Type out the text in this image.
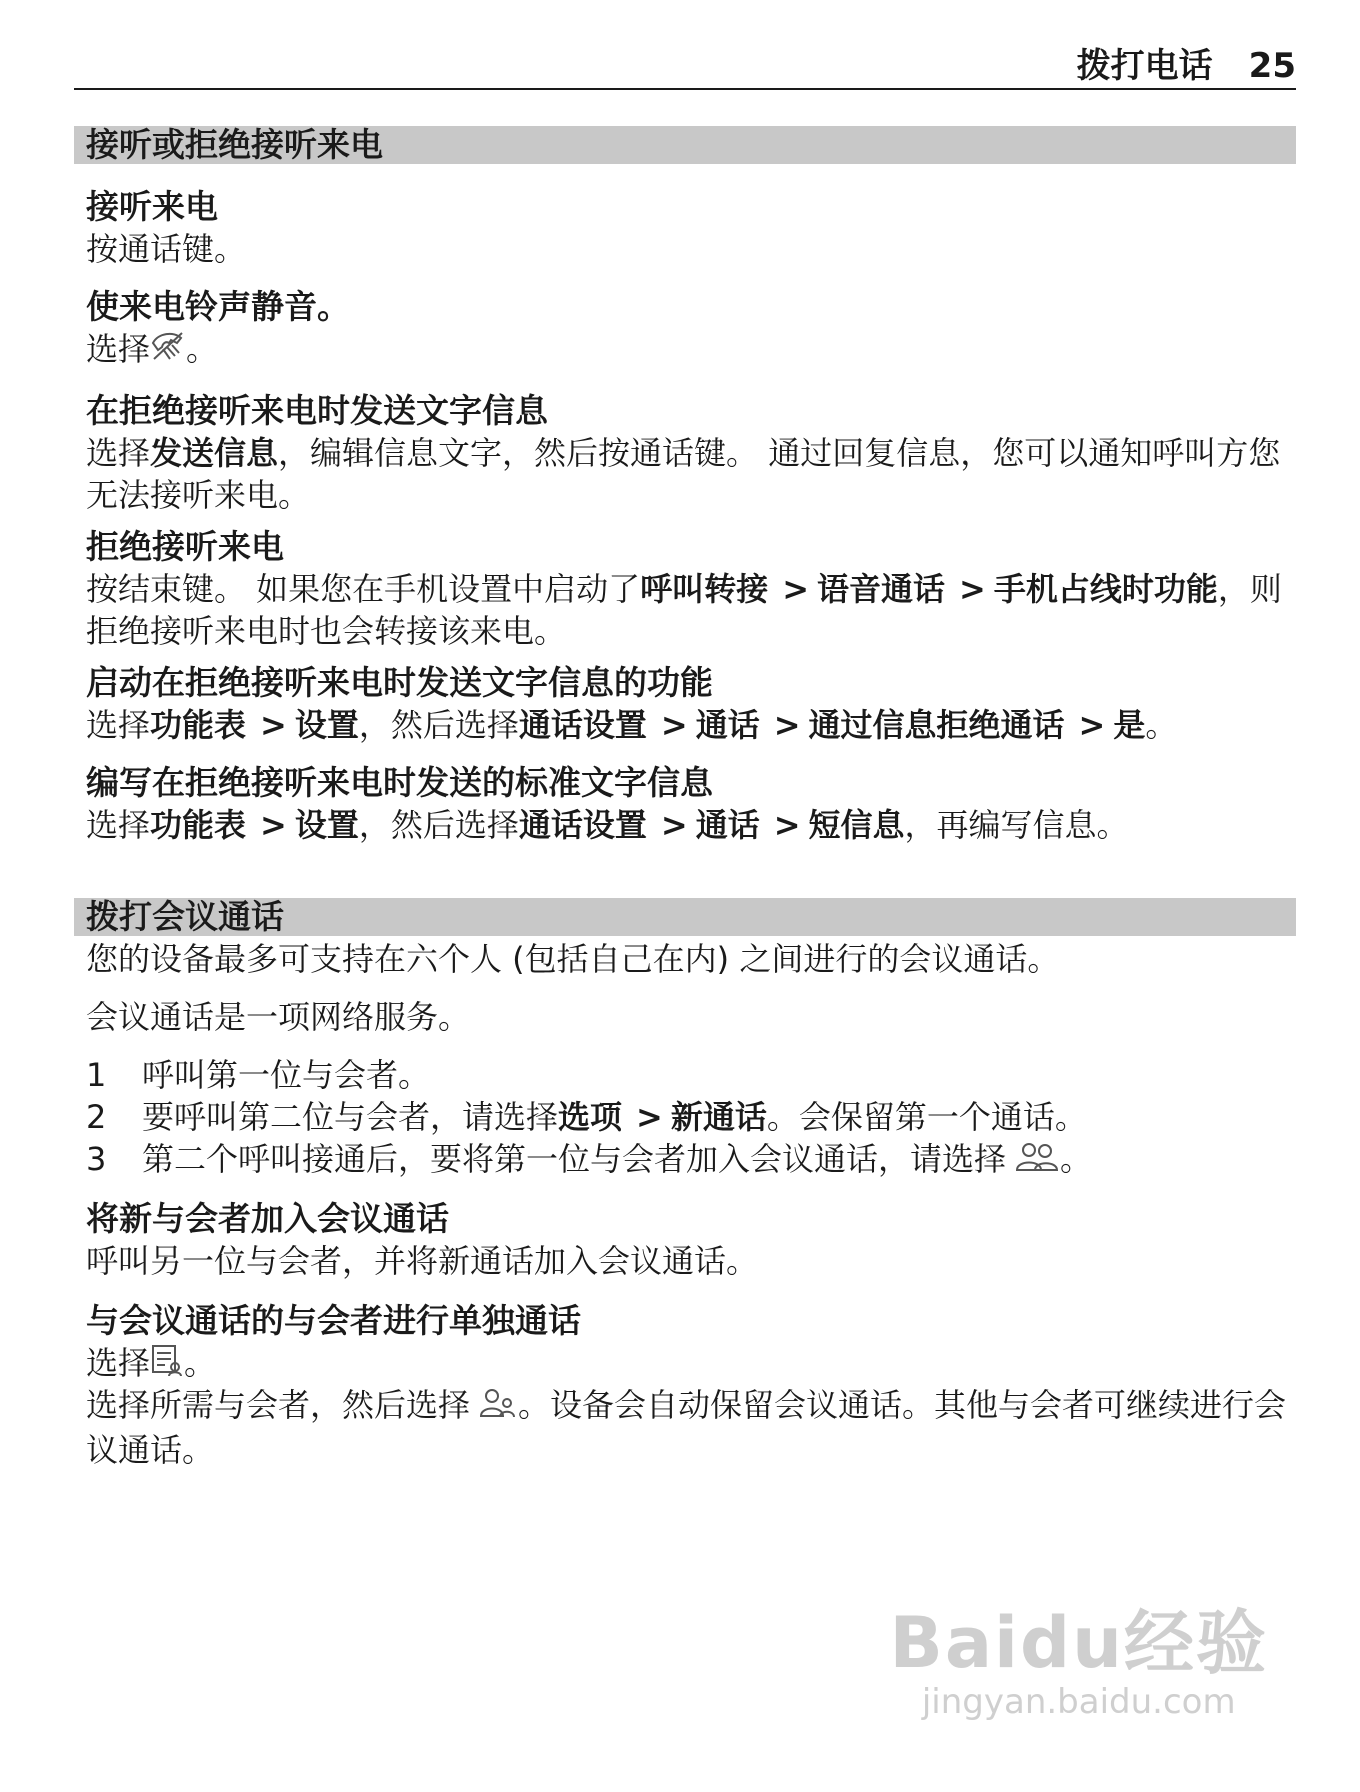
拨打电话 25
接听或拒绝接听来电
接听来电
按通话键。
使来电铃声静音。
选择 。
在拒绝接听来电时发送文字信息
选择发送信息，编辑信息文字，然后按通话键。 通过回复信息，您可以通知呼叫方您无法接听来电。
拒绝接听来电
按结束键。 如果您在手机设置中启动了呼叫转接 > 语音通话 > 手机占线时功能，则拒绝接听来电时也会转接该来电。
启动在拒绝接听来电时发送文字信息的功能
选择功能表 > 设置，然后选择通话设置 > 通话 > 通过信息拒绝通话 > 是。
编写在拒绝接听来电时发送的标准文字信息
选择功能表 > 设置，然后选择通话设置 > 通话 > 短信息，再编写信息。
拨打会议通话
您的设备最多可支持在六个人 (包括自己在内) 之间进行的会议通话。
会议通话是一项网络服务。
1 呼叫第一位与会者。
2 要呼叫第二位与会者，请选择选项 > 新通话。会保留第一个通话。
3 第二个呼叫接通后，要将第一位与会者加入会议通话，请选择 。
将新与会者加入会议通话
呼叫另一位与会者，并将新通话加入会议通话。
与会议通话的与会者进行单独通话
选择 。
选择所需与会者，然后选择 。设备会自动保留会议通话。其他与会者可继续进行会议通话。
Baidu经验
jingyan.baidu.com
